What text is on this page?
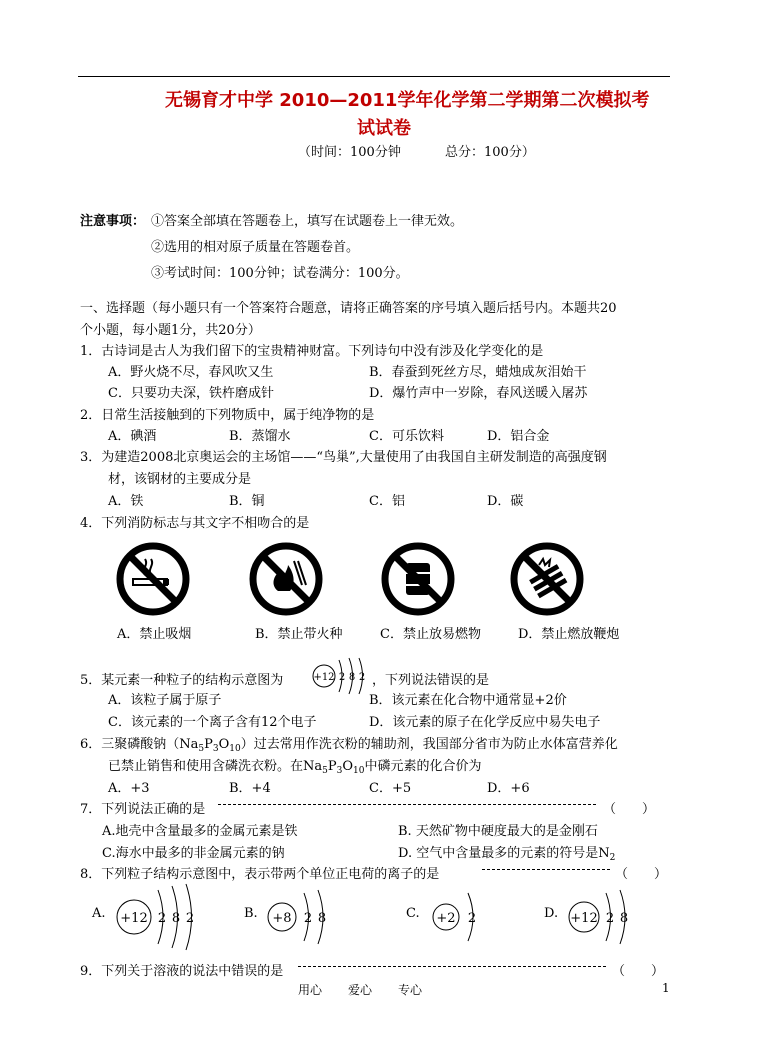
无锡育才中学 2010—2011学年化学第二学期第二次模拟考
试试卷
（时间：100分钟	总分：100分）
注意事项： ①答案全部填在答题卷上，填写在试题卷上一律无效。
②选用的相对原子质量在答题卷首。
③考试时间：100分钟；试卷满分：100分。
一、选择题（每小题只有一个答案符合题意，请将正确答案的序号填入题后括号内。本题共20
个小题，每小题1分，共20分）
1．古诗词是古人为我们留下的宝贵精神财富。下列诗句中没有涉及化学变化的是
A．野火烧不尽，春风吹又生	B．春蚕到死丝方尽，蜡烛成灰泪始干
C．只要功夫深，铁杵磨成针	D．爆竹声中一岁除，春风送暖入屠苏
2．日常生活接触到的下列物质中，属于纯净物的是
A．碘酒	B．蒸馏水	C．可乐饮料	D．铝合金
3．为建造2008北京奥运会的主场馆——“鸟巢”,大量使用了由我国自主研发制造的高强度钢
材，该钢材的主要成分是
A．铁	B．铜	C．铝	D．碳
4．下列消防标志与其文字不相吻合的是
A．禁止吸烟	B．禁止带火种	C．禁止放易燃物	D．禁止燃放鞭炮
5．某元素一种粒子的结构示意图为	+12 2 8 2 ，下列说法错误的是
A．该粒子属于原子	B．该元素在化合物中通常显+2价
C．该元素的一个离子含有12个电子	D．该元素的原子在化学反应中易失电子
6．三聚磷酸钠$(Na_5P_3O_{10})$过去常用作洗衣粉的辅助剂，我国部分省市为防止水体富营养化
已禁止销售和使用含磷洗衣粉。在$Na_5P_3O_{10}$中磷元素的化合价为
A．+3	B．+4	C．+5	D．+6
7．下列说法正确的是	（　　）
A.地壳中含量最多的金属元素是铁	B. 天然矿物中硬度最大的是金刚石
C.海水中最多的非金属元素的钠	D. 空气中含量最多的元素的符号是$N_2$
8．下列粒子结构示意图中，表示带两个单位正电荷的离子的是	（　　）
A. +12 2 8 2	B. +8 2 8	C. +2 2	D. +12 2 8
9．下列关于溶液的说法中错误的是	（　　）
用心 爱心 专心	1
